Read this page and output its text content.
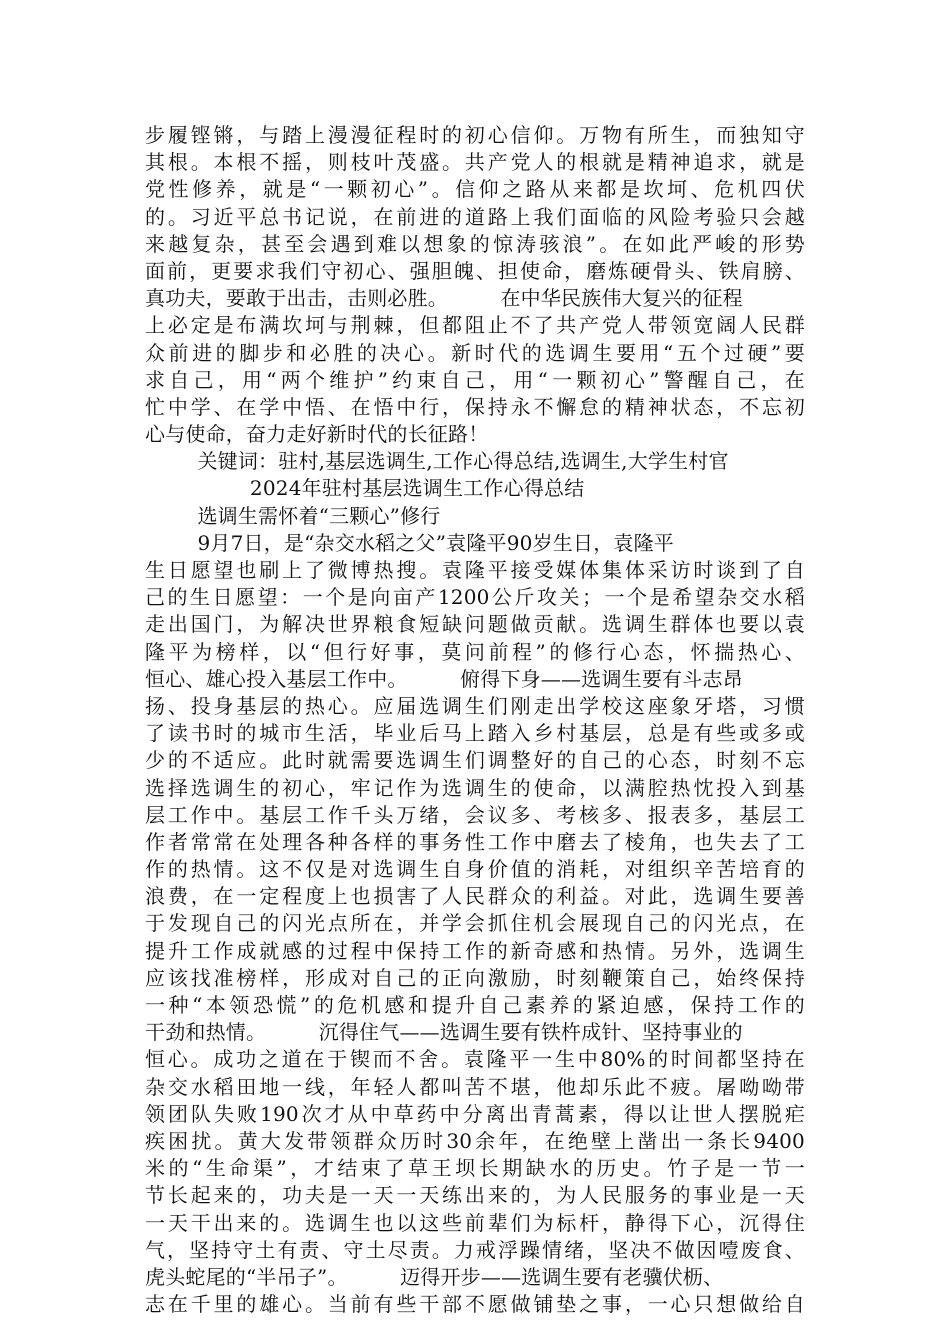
步履铿锵，与踏上漫漫征程时的初心信仰。万物有所生，而独知守
其根。本根不摇，则枝叶茂盛。共产党人的根就是精神追求，就是
党性修养，就是“一颗初心”。信仰之路从来都是坎坷、危机四伏
的。习近平总书记说，在前进的道路上我们面临的风险考验只会越
来越复杂，甚至会遇到难以想象的惊涛骇浪”。在如此严峻的形势
面前，更要求我们守初心、强胆魄、担使命，磨炼硬骨头、铁肩膀、
真功夫，要敢于出击，击则必胜。        在中华民族伟大复兴的征程
上必定是布满坎坷与荆棘，但都阻止不了共产党人带领宽阔人民群
众前进的脚步和必胜的决心。新时代的选调生要用“五个过硬”要
求自己，用“两个维护”约束自己，用“一颗初心”警醒自己，在
忙中学、在学中悟、在悟中行，保持永不懈怠的精神状态，不忘初
心与使命，奋力走好新时代的长征路！
关键词：驻村,基层选调生,工作心得总结,选调生,大学生村官
2024年驻村基层选调生工作心得总结
选调生需怀着“三颗心”修行
9月7日，是“杂交水稻之父”袁隆平90岁生日，袁隆平
生日愿望也刷上了微博热搜。袁隆平接受媒体集体采访时谈到了自
己的生日愿望：一个是向亩产1200公斤攻关；一个是希望杂交水稻
走出国门，为解决世界粮食短缺问题做贡献。选调生群体也要以袁
隆平为榜样，以“但行好事，莫问前程”的修行心态，怀揣热心、
恒心、雄心投入基层工作中。        俯得下身——选调生要有斗志昂
扬、投身基层的热心。应届选调生们刚走出学校这座象牙塔，习惯
了读书时的城市生活，毕业后马上踏入乡村基层，总是有些或多或
少的不适应。此时就需要选调生们调整好的自己的心态，时刻不忘
选择选调生的初心，牢记作为选调生的使命，以满腔热忱投入到基
层工作中。基层工作千头万绪，会议多、考核多、报表多，基层工
作者常常在处理各种各样的事务性工作中磨去了棱角，也失去了工
作的热情。这不仅是对选调生自身价值的消耗，对组织辛苦培育的
浪费，在一定程度上也损害了人民群众的利益。对此，选调生要善
于发现自己的闪光点所在，并学会抓住机会展现自己的闪光点，在
提升工作成就感的过程中保持工作的新奇感和热情。另外，选调生
应该找准榜样，形成对自己的正向激励，时刻鞭策自己，始终保持
一种“本领恐慌”的危机感和提升自己素养的紧迫感，保持工作的
干劲和热情。        沉得住气——选调生要有铁杵成针、坚持事业的
恒心。成功之道在于锲而不舍。袁隆平一生中80%的时间都坚持在
杂交水稻田地一线，年轻人都叫苦不堪，他却乐此不疲。屠呦呦带
领团队失败190次才从中草药中分离出青蒿素，得以让世人摆脱疟
疾困扰。黄大发带领群众历时30余年，在绝壁上凿出一条长9400
米的“生命渠”，才结束了草王坝长期缺水的历史。竹子是一节一
节长起来的，功夫是一天一天练出来的，为人民服务的事业是一天
一天干出来的。选调生也以这些前辈们为标杆，静得下心，沉得住
气，坚持守土有责、守土尽责。力戒浮躁情绪，坚决不做因噎废食、
虎头蛇尾的“半吊子”。        迈得开步——选调生要有老骥伏枥、
志在千里的雄心。当前有些干部不愿做铺垫之事，一心只想做给自
